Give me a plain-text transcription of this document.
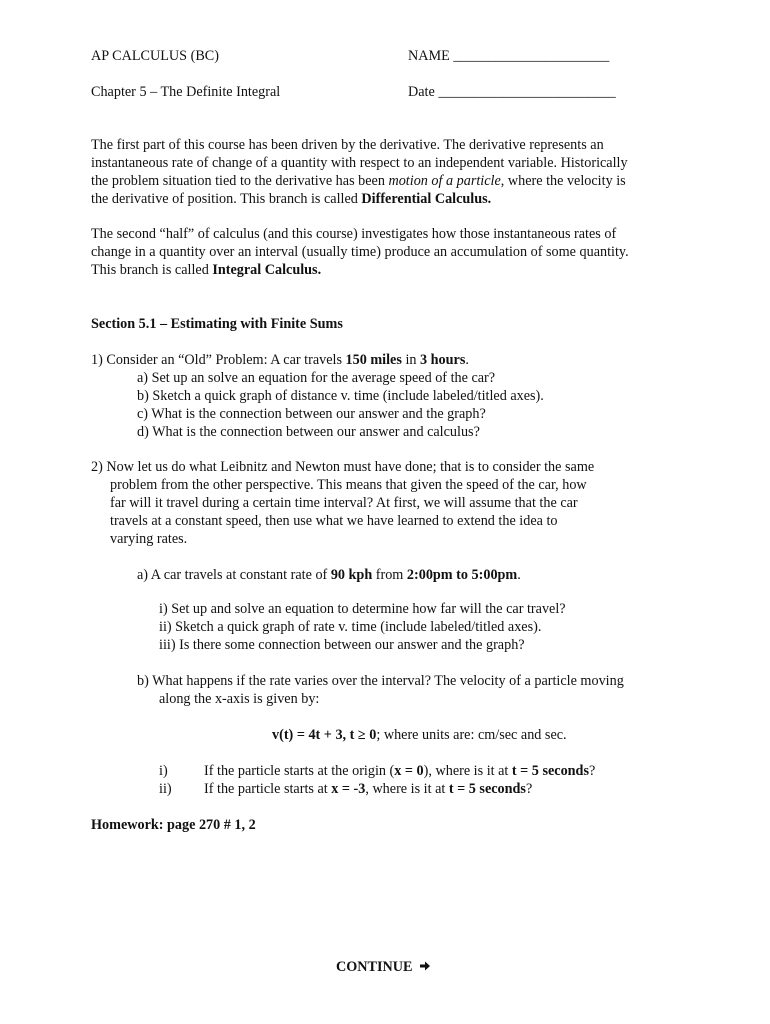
AP CALCULUS (BC)	NAME ______________________
Chapter 5 – The Definite Integral	Date _________________________
The first part of this course has been driven by the derivative. The derivative represents an
instantaneous rate of change of a quantity with respect to an independent variable. Historically
the problem situation tied to the derivative has been motion of a particle, where the velocity is
the derivative of position. This branch is called Differential Calculus.
The second “half” of calculus (and this course) investigates how those instantaneous rates of
change in a quantity over an interval (usually time) produce an accumulation of some quantity.
This branch is called Integral Calculus.
Section 5.1 – Estimating with Finite Sums
1) Consider an “Old” Problem: A car travels 150 miles in 3 hours.
a) Set up an solve an equation for the average speed of the car?
b) Sketch a quick graph of distance v. time (include labeled/titled axes).
c) What is the connection between our answer and the graph?
d) What is the connection between our answer and calculus?
2) Now let us do what Leibnitz and Newton must have done; that is to consider the same
problem from the other perspective. This means that given the speed of the car, how
far will it travel during a certain time interval? At first, we will assume that the car
travels at a constant speed, then use what we have learned to extend the idea to
varying rates.
a) A car travels at constant rate of 90 kph from 2:00pm to 5:00pm.
i) Set up and solve an equation to determine how far will the car travel?
ii) Sketch a quick graph of rate v. time (include labeled/titled axes).
iii) Is there some connection between our answer and the graph?
b) What happens if the rate varies over the interval? The velocity of a particle moving
along the x-axis is given by:
v(t) = 4t + 3, t ≥ 0; where units are: cm/sec and sec.
i)	If the particle starts at the origin (x = 0), where is it at t = 5 seconds?
ii) If the particle starts at x = -3, where is it at t = 5 seconds?
Homework: page 270 # 1, 2
CONTINUE
